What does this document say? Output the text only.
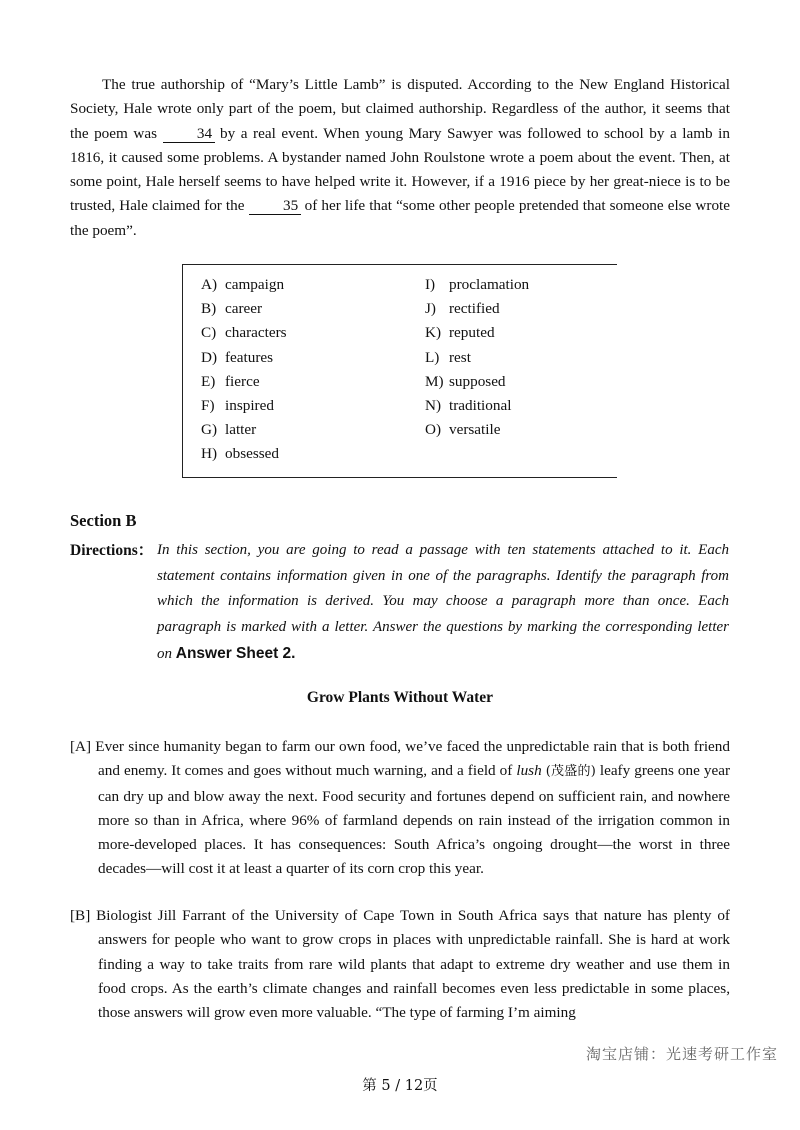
The true authorship of “Mary’s Little Lamb” is disputed. According to the New England Historical Society, Hale wrote only part of the poem, but claimed authorship. Regardless of the author, it seems that the poem was 34 by a real event. When young Mary Sawyer was followed to school by a lamb in 1816, it caused some problems. A bystander named John Roulstone wrote a poem about the event. Then, at some point, Hale herself seems to have helped write it. However, if a 1916 piece by her great-niece is to be trusted, Hale claimed for the 35 of her life that “some other people pretended that someone else wrote the poem”.

A) campaign
B) career
C) characters
D) features
E) fierce
F) inspired
G) latter
H) obsessed
I) proclamation
J) rectified
K) reputed
L) rest
M) supposed
N) traditional
O) versatile
Section B
Directions： In this section, you are going to read a passage with ten statements attached to it. Each statement contains information given in one of the paragraphs. Identify the paragraph from which the information is derived. You may choose a paragraph more than once. Each paragraph is marked with a letter. Answer the questions by marking the corresponding letter on Answer Sheet 2.
Grow Plants Without Water
[A] Ever since humanity began to farm our own food, we’ve faced the unpredictable rain that is both friend and enemy. It comes and goes without much warning, and a field of lush (茂盛的) leafy greens one year can dry up and blow away the next. Food security and fortunes depend on sufficient rain, and nowhere more so than in Africa, where 96% of farmland depends on rain instead of the irrigation common in more-developed places. It has consequences: South Africa’s ongoing drought—the worst in three decades—will cost it at least a quarter of its corn crop this year.
[B] Biologist Jill Farrant of the University of Cape Town in South Africa says that nature has plenty of answers for people who want to grow crops in places with unpredictable rainfall. She is hard at work finding a way to take traits from rare wild plants that adapt to extreme dry weather and use them in food crops. As the earth’s climate changes and rainfall becomes even less predictable in some places, those answers will grow even more valuable. “The type of farming I’m aiming
淘宝店铺：光速考研工作室
第 5 / 12页
